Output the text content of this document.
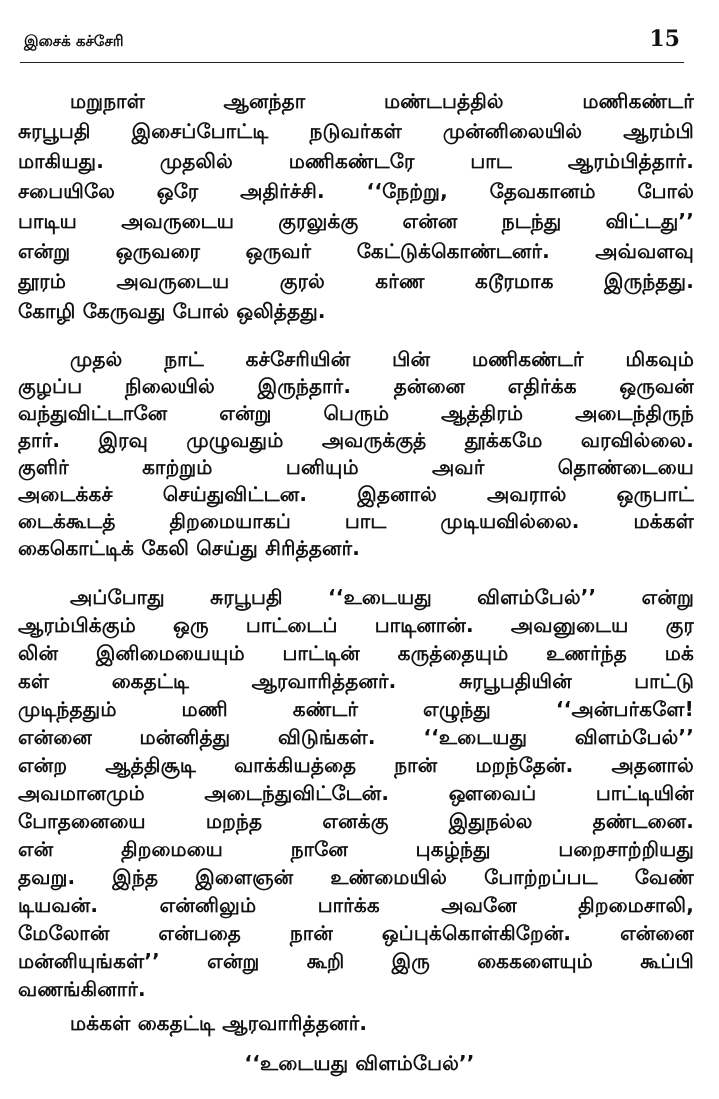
இசைக் கச்சேரி	15
மறுநாள் ஆனந்தா மண்டபத்தில் மணிகண்டர்
சுரபூபதி இசைப்போட்டி நடுவர்கள் முன்னிலையில் ஆரம்பி
மாகியது. முதலில் மணிகண்டரே பாட ஆரம்பித்தார்.
சபையிலே ஒரே அதிர்ச்சி. ‘‘நேற்று, தேவகானம் போல்
பாடிய அவருடைய குரலுக்கு என்ன நடந்து விட்டது’’
என்று ஒருவரை ஒருவர் கேட்டுக்கொண்டனர். அவ்வளவு
தூரம் அவருடைய குரல் கர்ண கடூரமாக இருந்தது.
கோழி கேருவது போல் ஒலித்தது.
முதல் நாட் கச்சேரியின் பின் மணிகண்டர் மிகவும்
குழப்ப நிலையில் இருந்தார். தன்னை எதிர்க்க ஒருவன்
வந்துவிட்டானே என்று பெரும் ஆத்திரம் அடைந்திருந்
தார். இரவு முழுவதும் அவருக்குத் தூக்கமே வரவில்லை.
குளிர் காற்றும் பனியும் அவர் தொண்டையை
அடைக்கச் செய்துவிட்டன. இதனால் அவரால் ஒருபாட்
டைக்கூடத் திறமையாகப் பாட முடியவில்லை. மக்கள்
கைகொட்டிக் கேலி செய்து சிரித்தனர்.
அப்போது சுரபூபதி ‘‘உடையது விளம்பேல்’’ என்று
ஆரம்பிக்கும் ஒரு பாட்டைப் பாடினான். அவனுடைய குர
லின் இனிமையையும் பாட்டின் கருத்தையும் உணர்ந்த மக்
கள் கைதட்டி ஆரவாரித்தனர். சுரபூபதியின் பாட்டு
முடிந்ததும் மணி கண்டர் எழுந்து ‘‘அன்பர்களே!
என்னை மன்னித்து விடுங்கள். ‘‘உடையது விளம்பேல்’’
என்ற ஆத்திசூடி வாக்கியத்தை நான் மறந்தேன். அதனால்
அவமானமும் அடைந்துவிட்டேன். ஔவைப் பாட்டியின்
போதனையை மறந்த எனக்கு இதுநல்ல தண்டனை.
என் திறமையை நானே புகழ்ந்து பறைசாற்றியது
தவறு. இந்த இளைஞன் உண்மையில் போற்றப்பட வேண்
டியவன். என்னிலும் பார்க்க அவனே திறமைசாலி,
மேலோன் என்பதை நான் ஒப்புக்கொள்கிறேன். என்னை
மன்னியுங்கள்’’ என்று கூறி இரு கைகளையும் கூப்பி
வணங்கினார்.
மக்கள் கைதட்டி ஆரவாரித்தனர்.
‘‘உடையது விளம்பேல்’’
